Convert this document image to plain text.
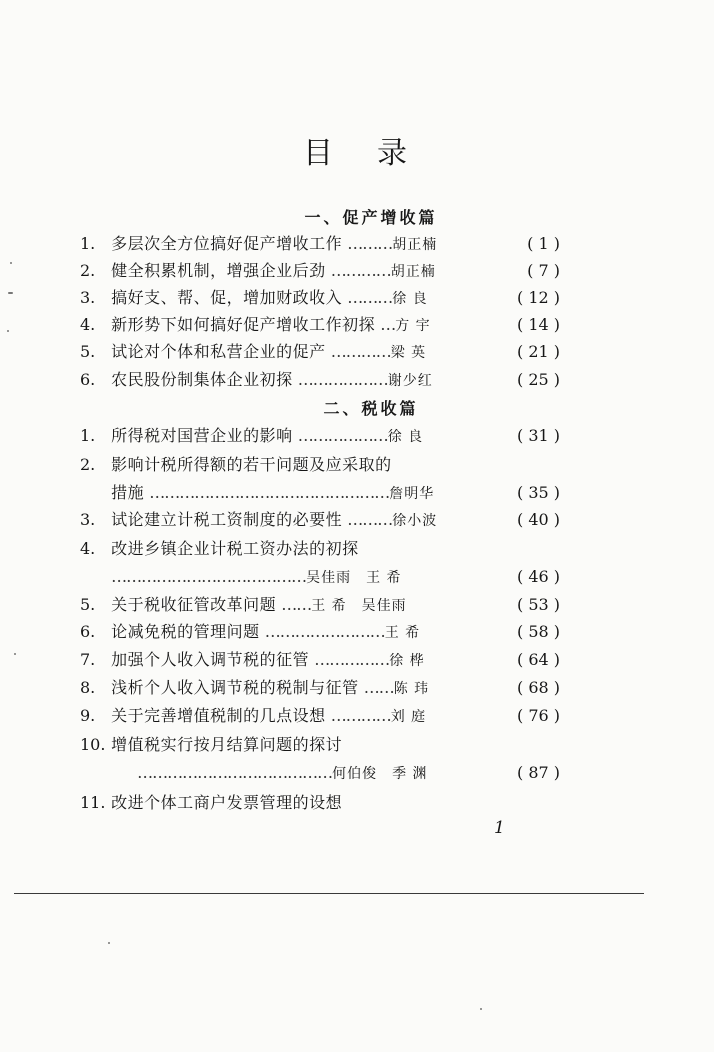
目录
一、促产增收篇
1. 多层次全方位搞好促产增收工作 ………胡正楠	( 1 )
2. 健全积累机制，增强企业后劲 …………胡正楠	( 7 )
3. 搞好支、帮、促，增加财政收入 ………徐 良	( 12 )
4. 新形势下如何搞好促产增收工作初探 …方 宇	( 14 )
5. 试论对个体和私营企业的促产 …………梁 英	( 21 )
6. 农民股份制集体企业初探 ………………谢少红	( 25 )
二、税收篇
1. 所得税对国营企业的影响 ………………徐 良	( 31 )
2. 影响计税所得额的若干问题及应采取的
措施 …………………………………………詹明华	( 35 )
3. 试论建立计税工资制度的必要性 ………徐小波	( 40 )
4. 改进乡镇企业计税工资办法的初探
…………………………………吴佳雨　王 希	( 46 )
5. 关于税收征管改革问题 ……王 希　吴佳雨	( 53 )
6. 论减免税的管理问题 ……………………王 希	( 58 )
7. 加强个人收入调节税的征管 ……………徐 桦	( 64 )
8. 浅析个人收入调节税的税制与征管 ……陈 玮	( 68 )
9. 关于完善增值税制的几点设想 …………刘 庭	( 76 )
10. 增值税实行按月结算问题的探讨
…………………………………何伯俊　季 渊	( 87 )
11. 改进个体工商户发票管理的设想
1
